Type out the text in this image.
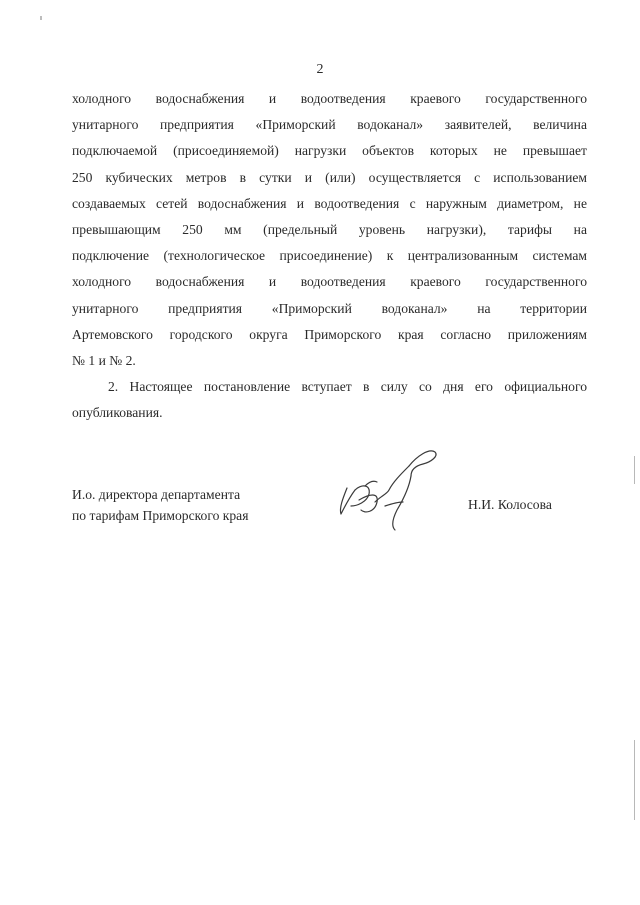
2
холодного водоснабжения и водоотведения краевого государственного
унитарного предприятия «Приморский водоканал» заявителей, величина
подключаемой (присоединяемой) нагрузки объектов которых не превышает
250 кубических метров в сутки и (или) осуществляется с использованием
создаваемых сетей водоснабжения и водоотведения с наружным диаметром, не
превышающим 250 мм (предельный уровень нагрузки), тарифы на
подключение (технологическое присоединение) к централизованным системам
холодного водоснабжения и водоотведения краевого государственного
унитарного предприятия «Приморский водоканал» на территории
Артемовского городского округа Приморского края согласно приложениям
№ 1 и № 2.
2. Настоящее постановление вступает в силу со дня его официального
опубликования.
И.о. директора департамента
по тарифам Приморского края
Н.И. Колосова
